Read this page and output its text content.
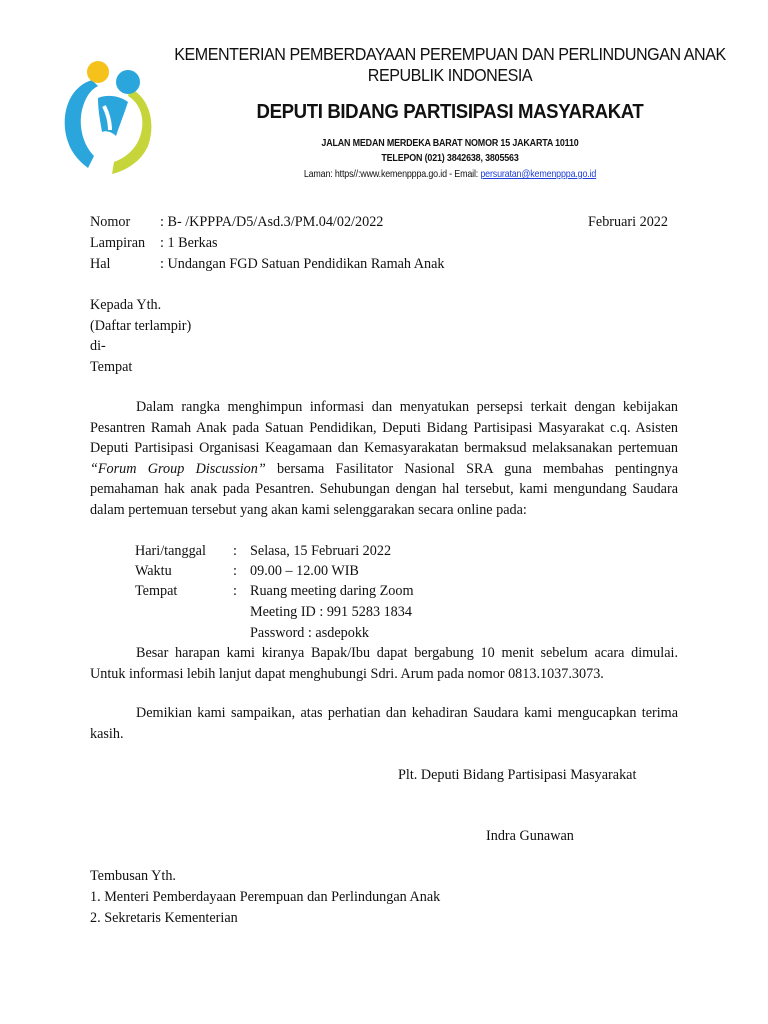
KEMENTERIAN PEMBERDAYAAN PEREMPUAN DAN PERLINDUNGAN ANAK
REPUBLIK INDONESIA
DEPUTI BIDANG PARTISIPASI MASYARAKAT
JALAN MEDAN MERDEKA BARAT NOMOR 15 JAKARTA 10110
TELEPON (021) 3842638, 3805563
Laman: https//:www.kemenpppa.go.id - Email: persuratan@kemenpppa.go.id
Nomor : B- /KPPPA/D5/Asd.3/PM.04/02/2022	Februari 2022
Lampiran : 1 Berkas
Hal	: Undangan FGD Satuan Pendidikan Ramah Anak
Kepada Yth.
(Daftar terlampir)
di-
Tempat
Dalam rangka menghimpun informasi dan menyatukan persepsi terkait dengan kebijakan Pesantren Ramah Anak pada Satuan Pendidikan, Deputi Bidang Partisipasi Masyarakat c.q. Asisten Deputi Partisipasi Organisasi Keagamaan dan Kemasyarakatan bermaksud melaksanakan pertemuan “Forum Group Discussion” bersama Fasilitator Nasional SRA guna membahas pentingnya pemahaman hak anak pada Pesantren. Sehubungan dengan hal tersebut, kami mengundang Saudara dalam pertemuan tersebut yang akan kami selenggarakan secara online pada:
Hari/tanggal : Selasa, 15 Februari 2022
Waktu	: 09.00 – 12.00 WIB
Tempat	: Ruang meeting daring Zoom
Meeting ID : 991 5283 1834
Password : asdepokk
Besar harapan kami kiranya Bapak/Ibu dapat bergabung 10 menit sebelum acara dimulai. Untuk informasi lebih lanjut dapat menghubungi Sdri. Arum pada nomor 0813.1037.3073.
Demikian kami sampaikan, atas perhatian dan kehadiran Saudara kami mengucapkan terima kasih.
Plt. Deputi Bidang Partisipasi Masyarakat
Indra Gunawan
Tembusan Yth.
1. Menteri Pemberdayaan Perempuan dan Perlindungan Anak
2. Sekretaris Kementerian
